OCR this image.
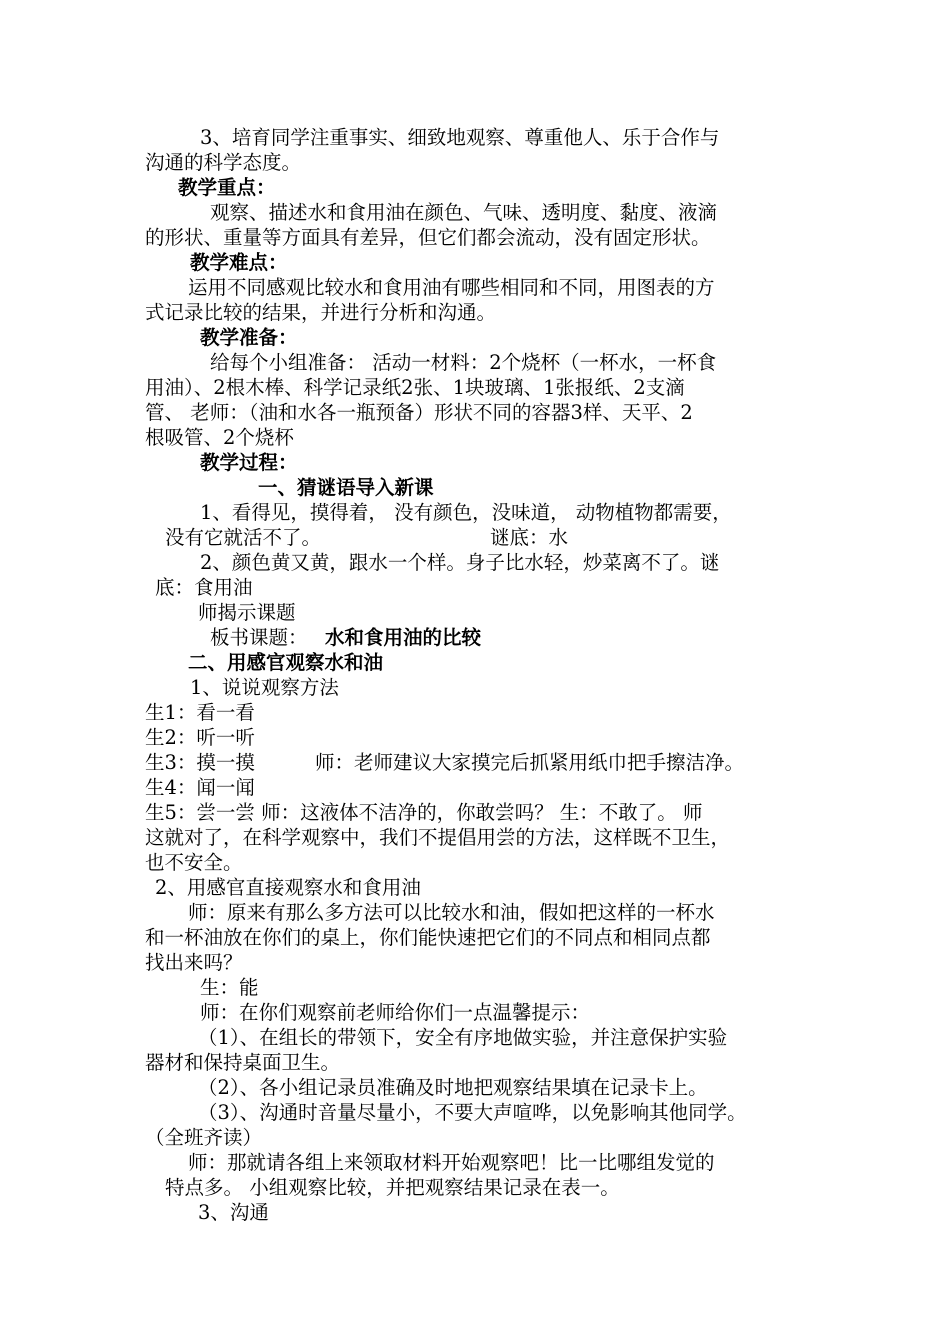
3、培育同学注重事实、细致地观察、尊重他人、乐于合作与
沟通的科学态度。
教学重点：
观察、描述水和食用油在颜色、气味、透明度、黏度、液滴
的形状、重量等方面具有差异，但它们都会流动，没有固定形状。
教学难点：
运用不同感观比较水和食用油有哪些相同和不同，用图表的方
式记录比较的结果，并进行分析和沟通。
教学准备：
给每个小组准备： 活动一材料：2个烧杯（一杯水，一杯食
用油）、2根木棒、科学记录纸2张、1块玻璃、1张报纸、2支滴
管、 老师：（油和水各一瓶预备）形状不同的容器3样、天平、2
根吸管、2个烧杯
教学过程：
一、猜谜语导入新课
1、看得见，摸得着， 没有颜色，没味道， 动物植物都需要，
没有它就活不了。	谜底：水
2、颜色黄又黄，跟水一个样。身子比水轻，炒菜离不了。谜
底：食用油
师揭示课题
板书课题： 水和食用油的比较
二、用感官观察水和油
1、说说观察方法
生1：看一看
生2：听一听
生3：摸一摸	师：老师建议大家摸完后抓紧用纸巾把手擦洁净。
生4：闻一闻
生5：尝一尝 师：这液体不洁净的，你敢尝吗？ 生：不敢了。 师
这就对了，在科学观察中，我们不提倡用尝的方法，这样既不卫生，
也不安全。
2、用感官直接观察水和食用油
师：原来有那么多方法可以比较水和油，假如把这样的一杯水
和一杯油放在你们的桌上，你们能快速把它们的不同点和相同点都
找出来吗？
生：能
师：在你们观察前老师给你们一点温馨提示：
（1）、在组长的带领下，安全有序地做实验，并注意保护实验
器材和保持桌面卫生。
（2）、各小组记录员准确及时地把观察结果填在记录卡上。
（3）、沟通时音量尽量小，不要大声喧哗，以免影响其他同学。
（全班齐读）
师：那就请各组上来领取材料开始观察吧！比一比哪组发觉的
特点多。 小组观察比较，并把观察结果记录在表一。
3、沟通
